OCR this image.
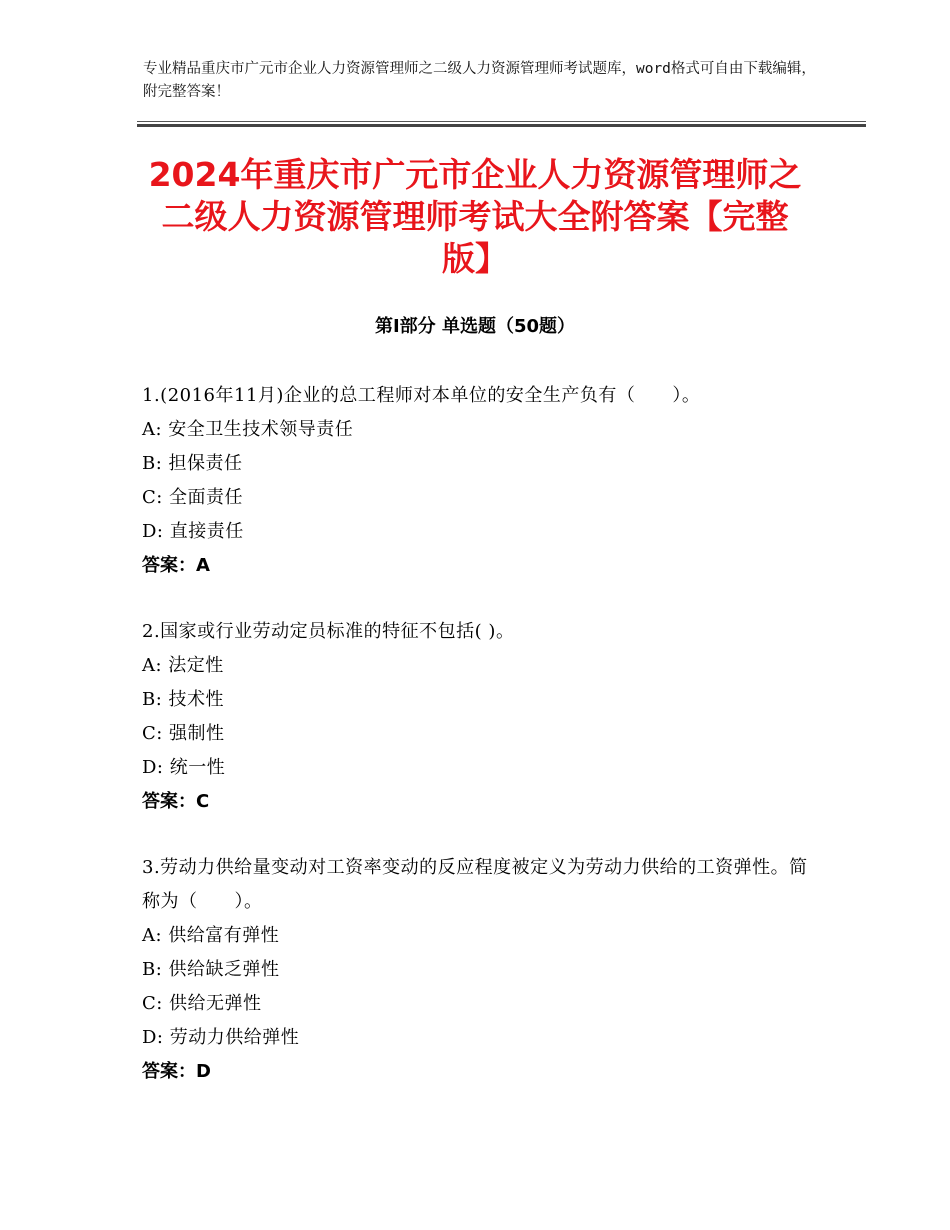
专业精品重庆市广元市企业人力资源管理师之二级人力资源管理师考试题库，word格式可自由下载编辑，附完整答案！
2024年重庆市广元市企业人力资源管理师之二级人力资源管理师考试大全附答案【完整版】
第Ⅰ部分 单选题（50题）
1.(2016年11月)企业的总工程师对本单位的安全生产负有（　　）。
A: 安全卫生技术领导责任
B: 担保责任
C: 全面责任
D: 直接责任
答案：A
2.国家或行业劳动定员标准的特征不包括( )。
A: 法定性
B: 技术性
C: 强制性
D: 统一性
答案：C
3.劳动力供给量变动对工资率变动的反应程度被定义为劳动力供给的工资弹性。简称为（　　）。
A: 供给富有弹性
B: 供给缺乏弹性
C: 供给无弹性
D: 劳动力供给弹性
答案：D
